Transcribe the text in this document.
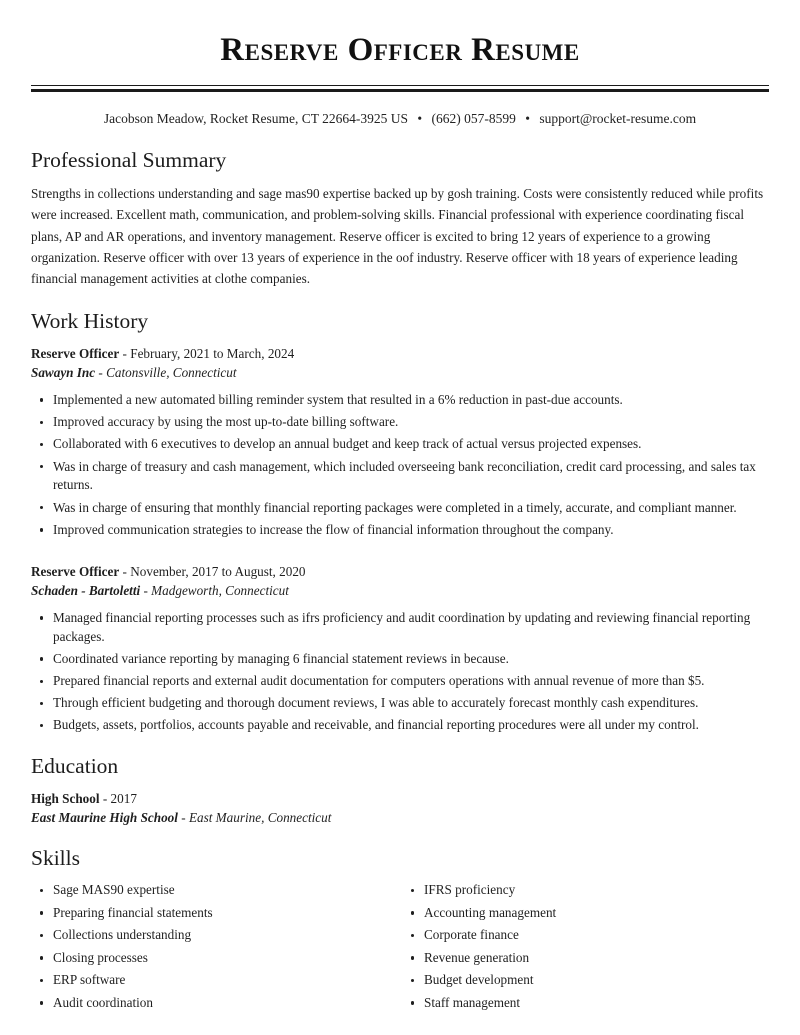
Reserve Officer Resume
Jacobson Meadow, Rocket Resume, CT 22664-3925 US • (662) 057-8599 • support@rocket-resume.com
Professional Summary

Strengths in collections understanding and sage mas90 expertise backed up by gosh training. Costs were consistently reduced while profits were increased. Excellent math, communication, and problem-solving skills. Financial professional with experience coordinating fiscal plans, AP and AR operations, and inventory management. Reserve officer is excited to bring 12 years of experience to a growing organization. Reserve officer with over 13 years of experience in the oof industry. Reserve officer with 18 years of experience leading financial management activities at clothe companies.

Work History
Reserve Officer - February, 2021 to March, 2024
Sawayn Inc - Catonsville, Connecticut
Implemented a new automated billing reminder system that resulted in a 6% reduction in past-due accounts.
Improved accuracy by using the most up-to-date billing software.
Collaborated with 6 executives to develop an annual budget and keep track of actual versus projected expenses.
Was in charge of treasury and cash management, which included overseeing bank reconciliation, credit card processing, and sales tax returns.
Was in charge of ensuring that monthly financial reporting packages were completed in a timely, accurate, and compliant manner.
Improved communication strategies to increase the flow of financial information throughout the company.
Reserve Officer - November, 2017 to August, 2020
Schaden - Bartoletti - Madgeworth, Connecticut
Managed financial reporting processes such as ifrs proficiency and audit coordination by updating and reviewing financial reporting packages.
Coordinated variance reporting by managing 6 financial statement reviews in because.
Prepared financial reports and external audit documentation for computers operations with annual revenue of more than $5.
Through efficient budgeting and thorough document reviews, I was able to accurately forecast monthly cash expenditures.
Budgets, assets, portfolios, accounts payable and receivable, and financial reporting procedures were all under my control.
Education
High School - 2017
East Maurine High School - East Maurine, Connecticut
Skills
Sage MAS90 expertise
Preparing financial statements
Collections understanding
Closing processes
ERP software
Audit coordination
IFRS proficiency
Accounting management
Corporate finance
Revenue generation
Budget development
Staff management
